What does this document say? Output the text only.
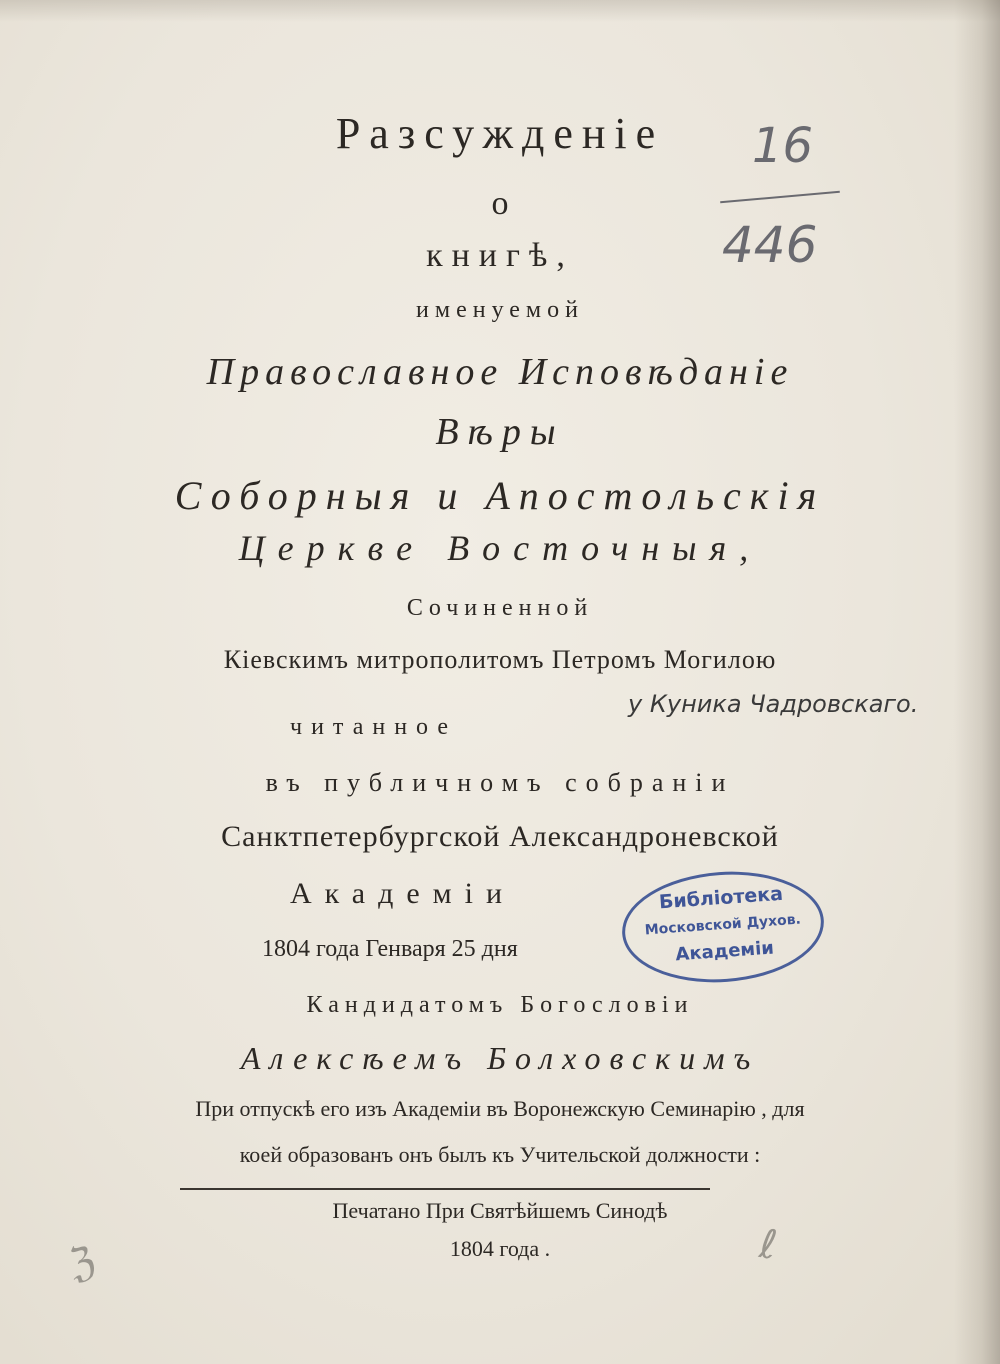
Разсужденіе
о
книгѣ,
именуемой
Православное Исповѣданіе
Вѣры
Соборныя и Апостольскія
Церкве Восточныя,
Сочиненной
Кіевскимъ митрополитомъ Петромъ Могилою
читанное
въ публичномъ собраніи
Санктпетербургской Александроневской
Академіи
1804 года Генваря 25 дня
Кандидатомъ Богословіи
Алексѣемъ Болховскимъ
При отпускѣ его изъ Академіи въ Воронежскую Семинарію , для
коей образованъ онъ былъ къ Учительской должности :
Печатано При Святѣйшемъ Синодѣ
1804 года .
16
446
у Куника Чадровскаго.
Библіотека
Московской Духов.
Академіи
ℨ	ℓ
